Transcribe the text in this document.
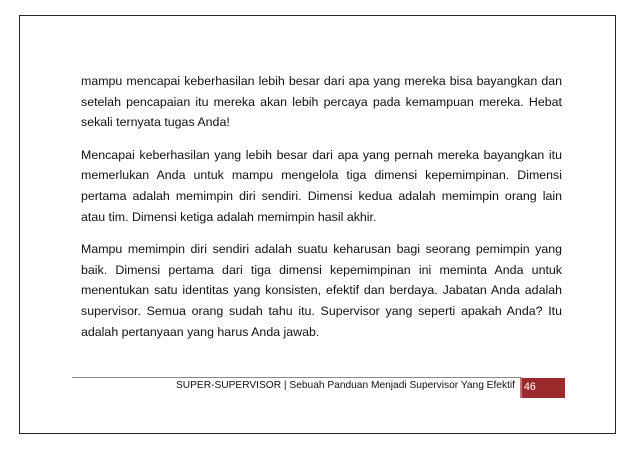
mampu mencapai keberhasilan lebih besar dari apa yang mereka bisa bayangkan dan setelah pencapaian itu mereka akan lebih percaya pada kemampuan mereka. Hebat sekali ternyata tugas Anda!

Mencapai keberhasilan yang lebih besar dari apa yang pernah mereka bayangkan itu memerlukan Anda untuk mampu mengelola tiga dimensi kepemimpinan. Dimensi pertama adalah memimpin diri sendiri. Dimensi kedua adalah memimpin orang lain atau tim. Dimensi ketiga adalah memimpin hasil akhir.

Mampu memimpin diri sendiri adalah suatu keharusan bagi seorang pemimpin yang baik. Dimensi pertama dari tiga dimensi kepemimpinan ini meminta Anda untuk menentukan satu identitas yang konsisten, efektif dan berdaya. Jabatan Anda adalah supervisor. Semua orang sudah tahu itu. Supervisor yang seperti apakah Anda? Itu adalah pertanyaan yang harus Anda jawab.

SUPER-SUPERVISOR | Sebuah Panduan Menjadi Supervisor Yang Efektif 46
